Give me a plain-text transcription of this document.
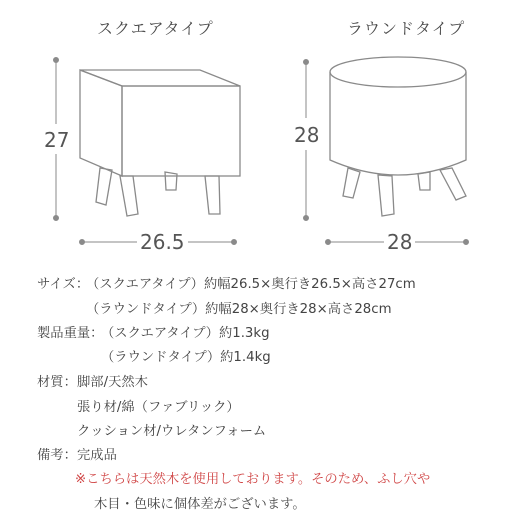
スクエアタイプ	ラウンドタイプ
27
26.5
28
28
サイズ：
（スクエアタイプ）約幅26.5×奥行き26.5×高さ27cm
（ラウンドタイプ）約幅28×奥行き28×高さ28cm
製品重量：
（スクエアタイプ）約1.3kg
（ラウンドタイプ）約1.4kg
材質： 脚部/天然木
張り材/綿（ファブリック）
クッション材/ウレタンフォーム
備考： 完成品
※こちらは天然木を使用しております。そのため、ふし穴や
木目・色味に個体差がございます。
